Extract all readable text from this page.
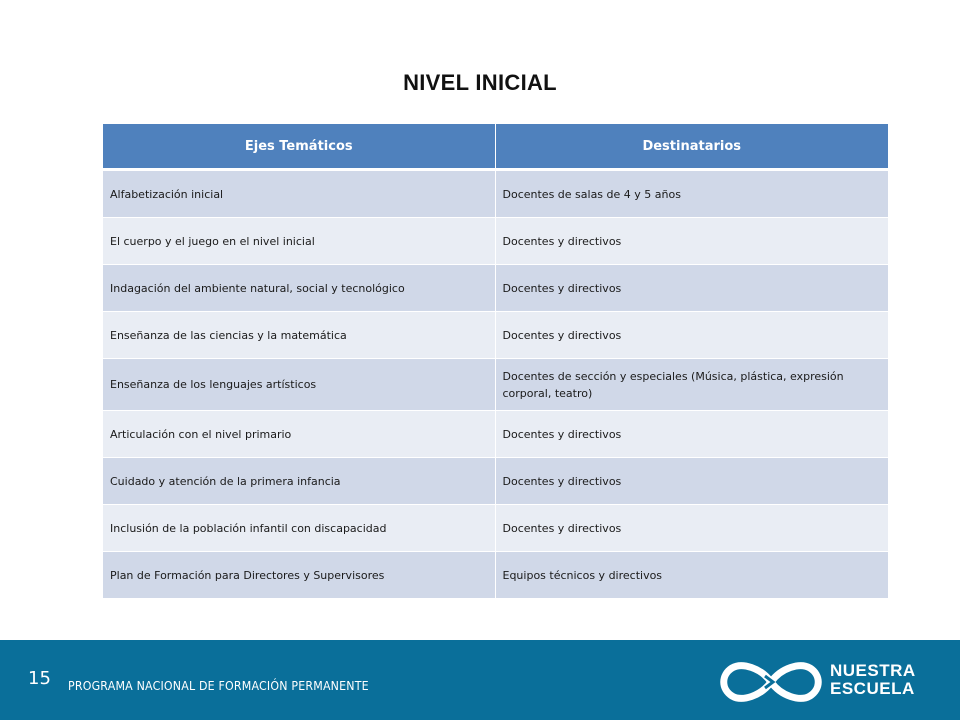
NIVEL INICIAL
Ejes Temáticos	Destinatarios
Alfabetización inicial	Docentes de salas de 4 y 5 años
El cuerpo y el juego en el nivel inicial	Docentes y directivos
Indagación del ambiente natural, social y tecnológico	Docentes y directivos
Enseñanza de las ciencias y la matemática	Docentes y directivos
Enseñanza de los lenguajes artísticos	Docentes de sección y especiales (Música, plástica, expresión corporal, teatro)
Articulación con el nivel primario	Docentes y directivos
Cuidado y atención de la primera infancia	Docentes y directivos
Inclusión de la población infantil con discapacidad	Docentes y directivos
Plan de Formación para Directores y Supervisores	Equipos técnicos y directivos
15 PROGRAMA NACIONAL DE FORMACIÓN PERMANENTE
NUESTRA
ESCUELA
